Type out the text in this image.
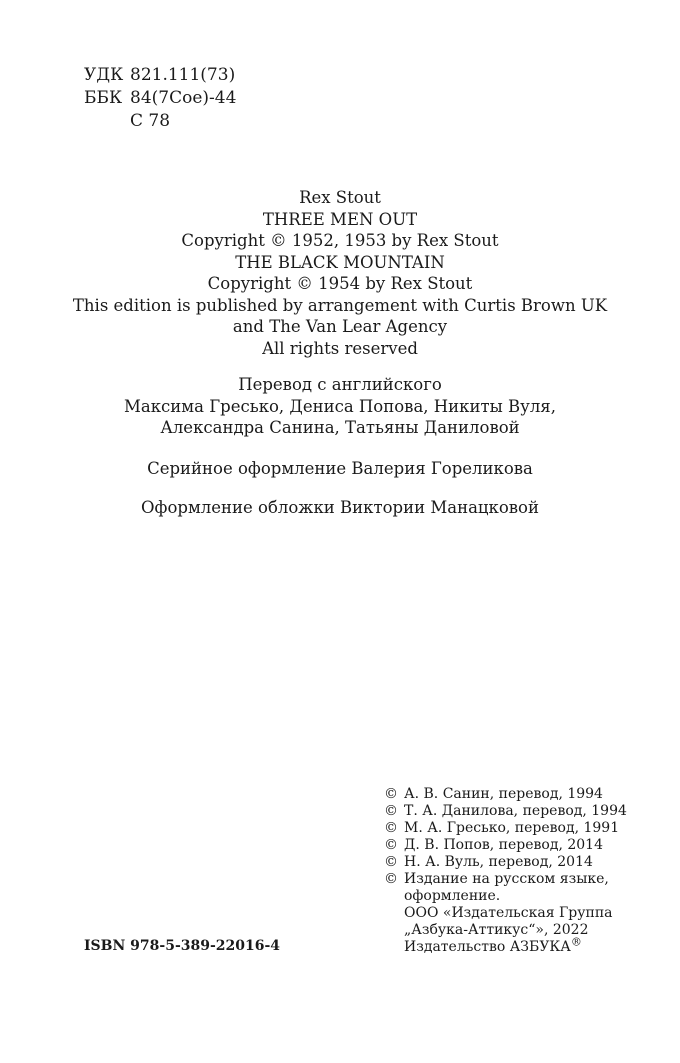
УДК 821.111(73)
ББК 84(7Сое)-44
С 78
Rex Stout
THREE MEN OUT
Copyright © 1952, 1953 by Rex Stout
THE BLACK MOUNTAIN
Copyright © 1954 by Rex Stout
This edition is published by arrangement with Curtis Brown UK
and The Van Lear Agency
All rights reserved
Перевод с английского
Максима Гресько, Дениса Попова, Никиты Вуля,
Александра Санина, Татьяны Даниловой
Серийное оформление Валерия Гореликова
Оформление обложки Виктории Манацковой
© А. В. Санин, перевод, 1994
© Т. А. Данилова, перевод, 1994
© М. А. Гресько, перевод, 1991
© Д. В. Попов, перевод, 2014
© Н. А. Вуль, перевод, 2014
© Издание на русском языке,
оформление.
ООО «Издательская Группа
„Азбука-Аттикус“», 2022
Издательство АЗБУКА®
ISBN 978-5-389-22016-4
